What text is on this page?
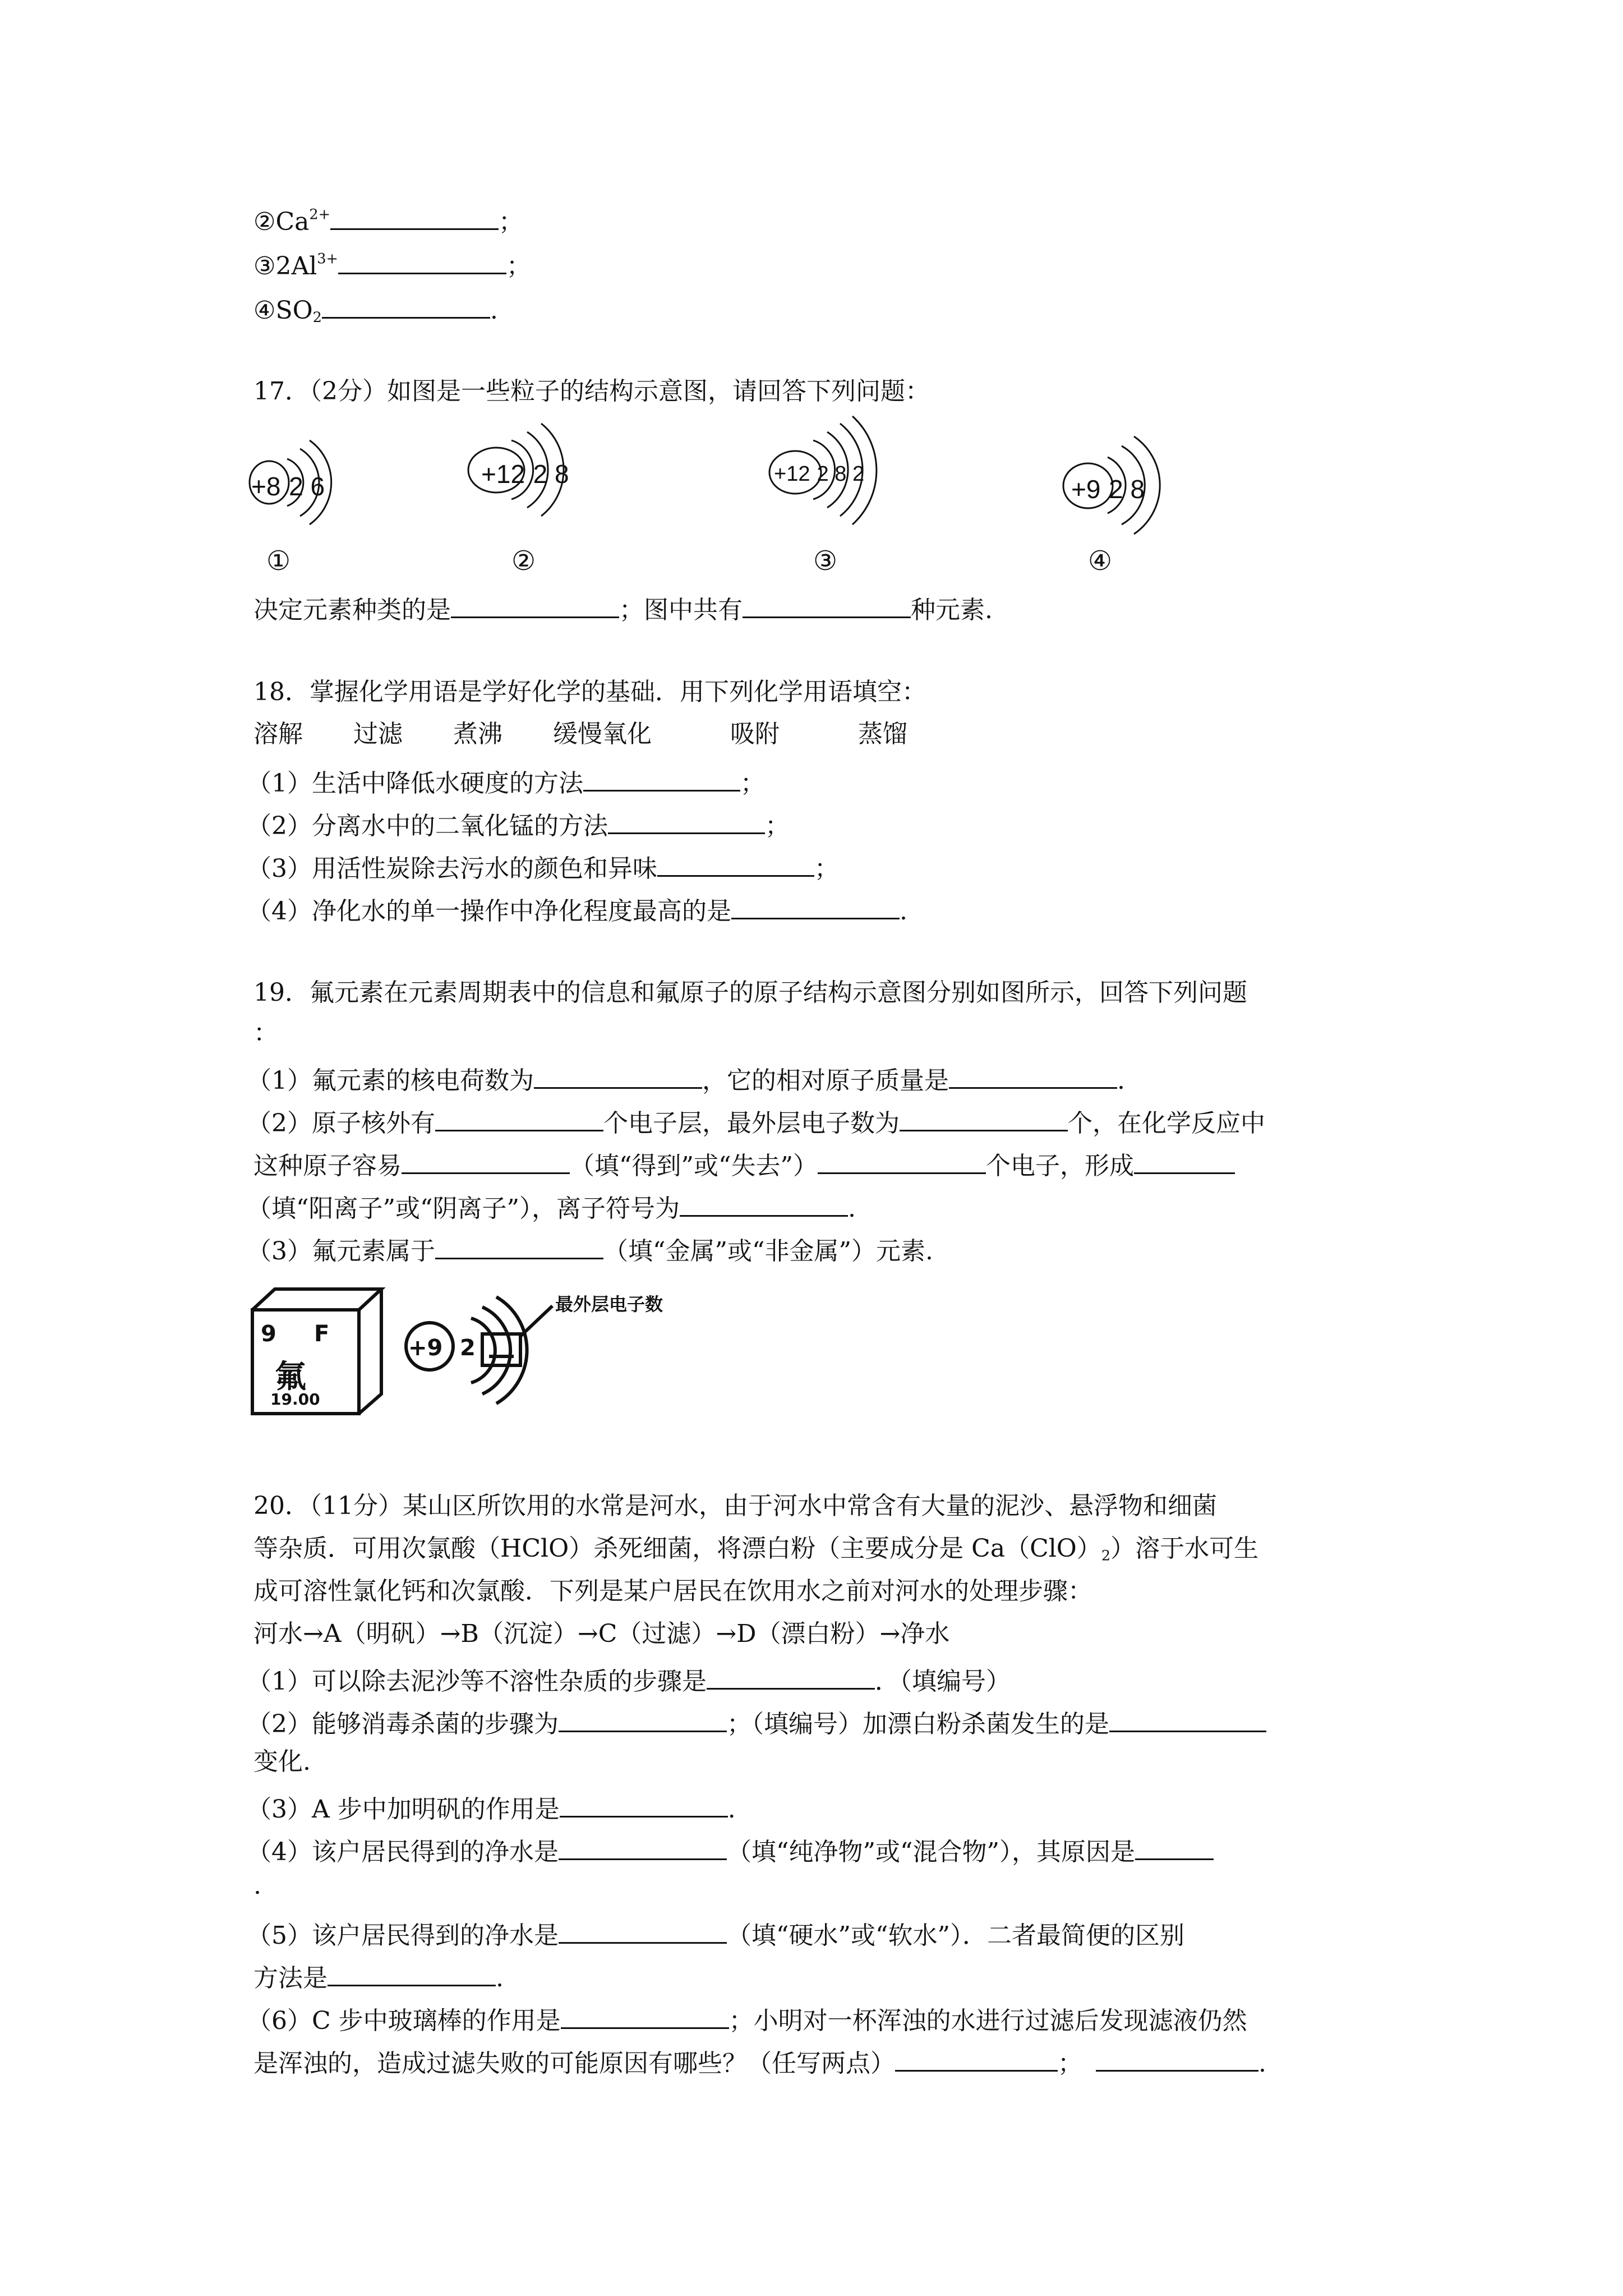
$②Ca^{2+}$	；
$③2Al^{3+}$	；
$④SO_2$	.
17．（2分）如图是一些粒子的结构示意图，请回答下列问题：
+8 2 6	+12 2 8	+12 2 8 2
+9 2 8
①	②	③	④
决定元素种类的是	；图中共有	种元素.
18．掌握化学用语是学好化学的基础．用下列化学用语填空：
溶解 过滤 煮沸 缓慢氧化	吸附	蒸馏
（1）生活中降低水硬度的方法	；
（2）分离水中的二氧化锰的方法	；
（3）用活性炭除去污水的颜色和异味	；
（4）净化水的单一操作中净化程度最高的是	.
19．氟元素在元素周期表中的信息和氟原子的原子结构示意图分别如图所示，回答下列问题
：
（1）氟元素的核电荷数为	，它的相对原子质量是	.
（2）原子核外有	个电子层，最外层电子数为	个，在化学反应中
这种原子容易	（填“得到”或“失去”）	个电子，形成
（填“阳离子”或“阴离子”），离子符号为	.
（3）氟元素属于	（填“金属”或“非金属”）元素.
9 F
氟
19.00
+9 2
最外层电子数
20．（11分）某山区所饮用的水常是河水，由于河水中常含有大量的泥沙、悬浮物和细菌
等杂质．可用次氯酸（HClO）杀死细菌，将漂白粉（主要成分是 $Ca(ClO)_2$）溶于水可生
成可溶性氯化钙和次氯酸．下列是某户居民在饮用水之前对河水的处理步骤：
河水→A（明矾）→B（沉淀）→C（过滤）→D（漂白粉）→净水
（1）可以除去泥沙等不溶性杂质的步骤是	．（填编号）
（2）能够消毒杀菌的步骤为	；（填编号）加漂白粉杀菌发生的是
变化.
（3）A 步中加明矾的作用是	.
（4）该户居民得到的净水是	（填“纯净物”或“混合物”），其原因是
.
（5）该户居民得到的净水是	（填“硬水”或“软水”）．二者最简便的区别
方法是	.
（6）C 步中玻璃棒的作用是	；小明对一杯浑浊的水进行过滤后发现滤液仍然
是浑浊的，造成过滤失败的可能原因有哪些？（任写两点）	；	.
